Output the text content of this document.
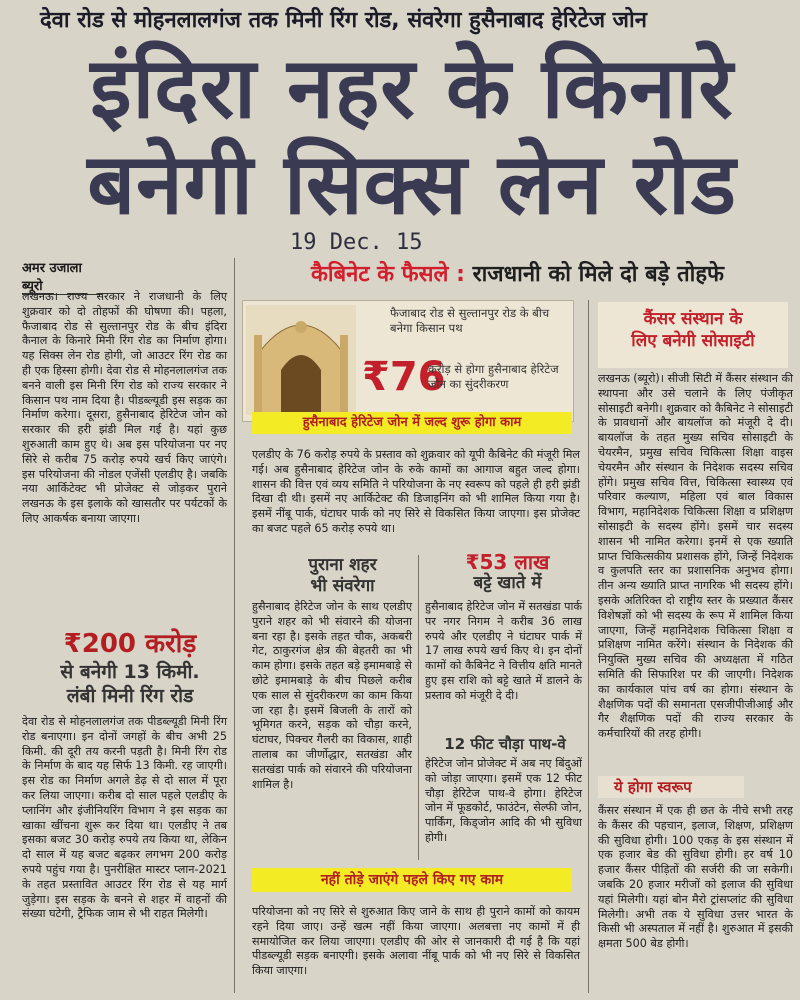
देवा रोड से मोहनलालगंज तक मिनी रिंग रोड, संवरेगा हुसैनाबाद हेरिटेज जोन
इंदिरा नहर के किनारे
बनेगी सिक्स लेन रोड
19 Dec. 15
अमर उजाला ब्यूरो

लखनऊ। राज्य सरकार ने राजधानी के लिए शुक्रवार को दो तोहफों की घोषणा की। पहला, फैजाबाद रोड से सुल्तानपुर रोड के बीच इंदिरा कैनाल के किनारे मिनी रिंग रोड का निर्माण होगा। यह सिक्स लेन रोड होगी, जो आउटर रिंग रोड का ही एक हिस्सा होगी। देवा रोड से मोहनलालगंज तक बनने वाली इस मिनी रिंग रोड को राज्य सरकार ने किसान पथ नाम दिया है। पीडब्ल्यूडी इस सड़क का निर्माण करेगा। दूसरा, हुसैनाबाद हेरिटेज जोन को सरकार की हरी झंडी मिल गई है। यहां कुछ शुरुआती काम हुए थे। अब इस परियोजना पर नए सिरे से करीब 75 करोड़ रुपये खर्च किए जाएंगे। इस परियोजना की नोडल एजेंसी एलडीए है। जबकि नया आर्किटेक्ट भी प्रोजेक्ट से जोड़कर पुराने लखनऊ के इस इलाके को खासतौर पर पर्यटकों के लिए आकर्षक बनाया जाएगा।

₹200 करोड़
से बनेगी 13 किमी.
लंबी मिनी रिंग रोड

देवा रोड से मोहनलालगंज तक पीडब्ल्यूडी मिनी रिंग रोड बनाएगा। इन दोनों जगहों के बीच अभी 25 किमी. की दूरी तय करनी पड़ती है। मिनी रिंग रोड के निर्माण के बाद यह सिर्फ 13 किमी. रह जाएगी। इस रोड का निर्माण अगले डेढ़ से दो साल में पूरा कर लिया जाएगा। करीब दो साल पहले एलडीए के प्लानिंग और इंजीनियरिंग विभाग ने इस सड़क का खाका खींचना शुरू कर दिया था। एलडीए ने तब इसका बजट 30 करोड़ रुपये तय किया था, लेकिन दो साल में यह बजट बढ़कर लगभग 200 करोड़ रुपये पहुंच गया है। पुनरीक्षित मास्टर प्लान-2021 के तहत प्रस्तावित आउटर रिंग रोड से यह मार्ग जुड़ेगा। इस सड़क के बनने से शहर में वाहनों की संख्या घटेगी, ट्रैफिक जाम से भी राहत मिलेगी।

कैबिनेट के फैसले : राजधानी को मिले दो बड़े तोहफे
फैजाबाद रोड से सुल्तानपुर रोड के बीच बनेगा किसान पथ
₹76
करोड़ से होगा हुसैनाबाद हेरिटेज जोन का सुंदरीकरण
हुसैनाबाद हेरिटेज जोन में जल्द शुरू होगा काम

एलडीए के 76 करोड़ रुपये के प्रस्ताव को शुक्रवार को यूपी कैबिनेट की मंजूरी मिल गई। अब हुसैनाबाद हेरिटेज जोन के रुके कामों का आगाज बहुत जल्द होगा। शासन की वित्त एवं व्यय समिति ने परियोजना के नए स्वरूप को पहले ही हरी झंडी दिखा दी थी। इसमें नए आर्किटेक्ट की डिजाइनिंग को भी शामिल किया गया है। इसमें नींबू पार्क, घंटाघर पार्क को नए सिरे से विकसित किया जाएगा। इस प्रोजेक्ट का बजट पहले 65 करोड़ रुपये था।

पुराना शहर
भी संवरेगा

हुसैनाबाद हेरिटेज जोन के साथ एलडीए पुराने शहर को भी संवारने की योजना बना रहा है। इसके तहत चौक, अकबरी गेट, ठाकुरगंज क्षेत्र की बेहतरी का भी काम होगा। इसके तहत बड़े इमामबाड़े से छोटे इमामबाड़े के बीच पिछले करीब एक साल से सुंदरीकरण का काम किया जा रहा है। इसमें बिजली के तारों को भूमिगत करने, सड़क को चौड़ा करने, घंटाघर, पिक्चर गैलरी का विकास, शाही तालाब का जीर्णोद्धार, सतखंडा और सतखंडा पार्क को संवारने की परियोजना शामिल है।

₹53 लाख
बट्टे खाते में

हुसैनाबाद हेरिटेज जोन में सतखंडा पार्क पर नगर निगम ने करीब 36 लाख रुपये और एलडीए ने घंटाघर पार्क में 17 लाख रुपये खर्च किए थे। इन दोनों कामों को कैबिनेट ने वित्तीय क्षति मानते हुए इस राशि को बट्टे खाते में डालने के प्रस्ताव को मंजूरी दे दी।

12 फीट चौड़ा पाथ-वे

हेरिटेज जोन प्रोजेक्ट में अब नए बिंदुओं को जोड़ा जाएगा। इसमें एक 12 फीट चौड़ा हेरिटेज पाथ-वे होगा। हेरिटेज जोन में फूडकोर्ट, फाउंटेन, सेल्फी जोन, पार्किंग, किड्जोन आदि की भी सुविधा होगी।

नहीं तोड़े जाएंगे पहले किए गए काम

परियोजना को नए सिरे से शुरुआत किए जाने के साथ ही पुराने कामों को कायम रहने दिया जाए। उन्हें खत्म नहीं किया जाएगा। अलबत्ता नए कामों में ही समायोजित कर लिया जाएगा। एलडीए की ओर से जानकारी दी गई है कि यहां पीडब्ल्यूडी सड़क बनाएगी। इसके अलावा नींबू पार्क को भी नए सिरे से विकसित किया जाएगा।

कैंसर संस्थान के
लिए बनेगी सोसाइटी

लखनऊ (ब्यूरो)। सीजी सिटी में कैंसर संस्थान की स्थापना और उसे चलाने के लिए पंजीकृत सोसाइटी बनेगी। शुक्रवार को कैबिनेट ने सोसाइटी के प्रावधानों और बायलॉज को मंजूरी दे दी। बायलॉज के तहत मुख्य सचिव सोसाइटी के चेयरमैन, प्रमुख सचिव चिकित्सा शिक्षा वाइस चेयरमैन और संस्थान के निदेशक सदस्य सचिव होंगे। प्रमुख सचिव वित्त, चिकित्सा स्वास्थ्य एवं परिवार कल्याण, महिला एवं बाल विकास विभाग, महानिदेशक चिकित्सा शिक्षा व प्रशिक्षण सोसाइटी के सदस्य होंगे। इसमें चार सदस्य शासन भी नामित करेगा। इनमें से एक ख्याति प्राप्त चिकित्सकीय प्रशासक होंगे, जिन्हें निदेशक व कुलपति स्तर का प्रशासनिक अनुभव होगा। तीन अन्य ख्याति प्राप्त नागरिक भी सदस्य होंगे। इसके अतिरिक्त दो राष्ट्रीय स्तर के प्रख्यात कैंसर विशेषज्ञों को भी सदस्य के रूप में शामिल किया जाएगा, जिन्हें महानिदेशक चिकित्सा शिक्षा व प्रशिक्षण नामित करेंगे। संस्थान के निदेशक की नियुक्ति मुख्य सचिव की अध्यक्षता में गठित समिति की सिफारिश पर की जाएगी। निदेशक का कार्यकाल पांच वर्ष का होगा। संस्थान के शैक्षणिक पदों की समानता एसजीपीजीआई और गैर शैक्षणिक पदों की राज्य सरकार के कर्मचारियों की तरह होगी।

ये होगा स्वरूप

कैंसर संस्थान में एक ही छत के नीचे सभी तरह के कैंसर की पहचान, इलाज, शिक्षण, प्रशिक्षण की सुविधा होगी। 100 एकड़ के इस संस्थान में एक हजार बेड की सुविधा होगी। हर वर्ष 10 हजार कैंसर पीड़ितों की सर्जरी की जा सकेगी। जबकि 20 हजार मरीजों को इलाज की सुविधा यहां मिलेगी। यहां बोन मैरो ट्रांसप्लांट की सुविधा मिलेगी। अभी तक ये सुविधा उत्तर भारत के किसी भी अस्पताल में नहीं है। शुरुआत में इसकी क्षमता 500 बेड होगी।
